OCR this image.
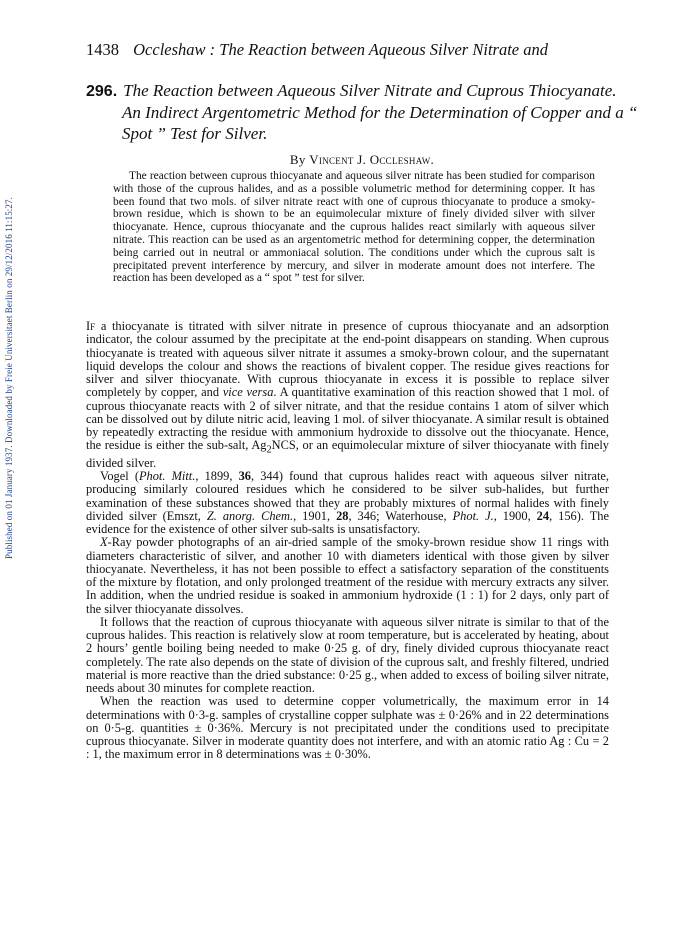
Published on 01 January 1937. Downloaded by Freie Universitaet Berlin on 29/12/2016 11:15:27.
1438 Occleshaw : The Reaction between Aqueous Silver Nitrate and

296. The Reaction between Aqueous Silver Nitrate and Cuprous Thiocyanate. An Indirect Argentometric Method for the Determination of Copper and a “ Spot ” Test for Silver.

By Vincent J. Occleshaw.

The reaction between cuprous thiocyanate and aqueous silver nitrate has been studied for comparison with those of the cuprous halides, and as a possible volumetric method for determining copper. It has been found that two mols. of silver nitrate react with one of cuprous thiocyanate to produce a smoky-brown residue, which is shown to be an equimolecular mixture of finely divided silver with silver thiocyanate. Hence, cuprous thiocyanate and the cuprous halides react similarly with aqueous silver nitrate. This reaction can be used as an argentometric method for determining copper, the determination being carried out in neutral or ammoniacal solution. The conditions under which the cuprous salt is precipitated prevent interference by mercury, and silver in moderate amount does not interfere. The reaction has been developed as a “ spot ” test for silver.

If a thiocyanate is titrated with silver nitrate in presence of cuprous thiocyanate and an adsorption indicator, the colour assumed by the precipitate at the end-point disappears on standing. When cuprous thiocyanate is treated with aqueous silver nitrate it assumes a smoky-brown colour, and the supernatant liquid develops the colour and shows the reactions of bivalent copper. The residue gives reactions for silver and silver thiocyanate. With cuprous thiocyanate in excess it is possible to replace silver completely by copper, and vice versa. A quantitative examination of this reaction showed that 1 mol. of cuprous thiocyanate reacts with 2 of silver nitrate, and that the residue contains 1 atom of silver which can be dissolved out by dilute nitric acid, leaving 1 mol. of silver thiocyanate. A similar result is obtained by repeatedly extracting the residue with ammonium hydroxide to dissolve out the thiocyanate. Hence, the residue is either the sub-salt, $Ag_2NCS$, or an equimolecular mixture of silver thiocyanate with finely divided silver.

Vogel (Phot. Mitt., 1899, 36, 344) found that cuprous halides react with aqueous silver nitrate, producing similarly coloured residues which he considered to be silver sub-halides, but further examination of these substances showed that they are probably mixtures of normal halides with finely divided silver (Emszt, Z. anorg. Chem., 1901, 28, 346; Waterhouse, Phot. J., 1900, 24, 156). The evidence for the existence of other silver sub-salts is unsatisfactory.

X-Ray powder photographs of an air-dried sample of the smoky-brown residue show 11 rings with diameters characteristic of silver, and another 10 with diameters identical with those given by silver thiocyanate. Nevertheless, it has not been possible to effect a satisfactory separation of the constituents of the mixture by flotation, and only prolonged treatment of the residue with mercury extracts any silver. In addition, when the undried residue is soaked in ammonium hydroxide (1 : 1) for 2 days, only part of the silver thiocyanate dissolves.

It follows that the reaction of cuprous thiocyanate with aqueous silver nitrate is similar to that of the cuprous halides. This reaction is relatively slow at room temperature, but is accelerated by heating, about 2 hours’ gentle boiling being needed to make 0·25 g. of dry, finely divided cuprous thiocyanate react completely. The rate also depends on the state of division of the cuprous salt, and freshly filtered, undried material is more reactive than the dried substance: 0·25 g., when added to excess of boiling silver nitrate, needs about 30 minutes for complete reaction.

When the reaction was used to determine copper volumetrically, the maximum error in 14 determinations with 0·3-g. samples of crystalline copper sulphate was ± 0·26% and in 22 determinations on 0·5-g. quantities ± 0·36%. Mercury is not precipitated under the conditions used to precipitate cuprous thiocyanate. Silver in moderate quantity does not interfere, and with an atomic ratio Ag : Cu = 2 : 1, the maximum error in 8 determinations was ± 0·30%.
